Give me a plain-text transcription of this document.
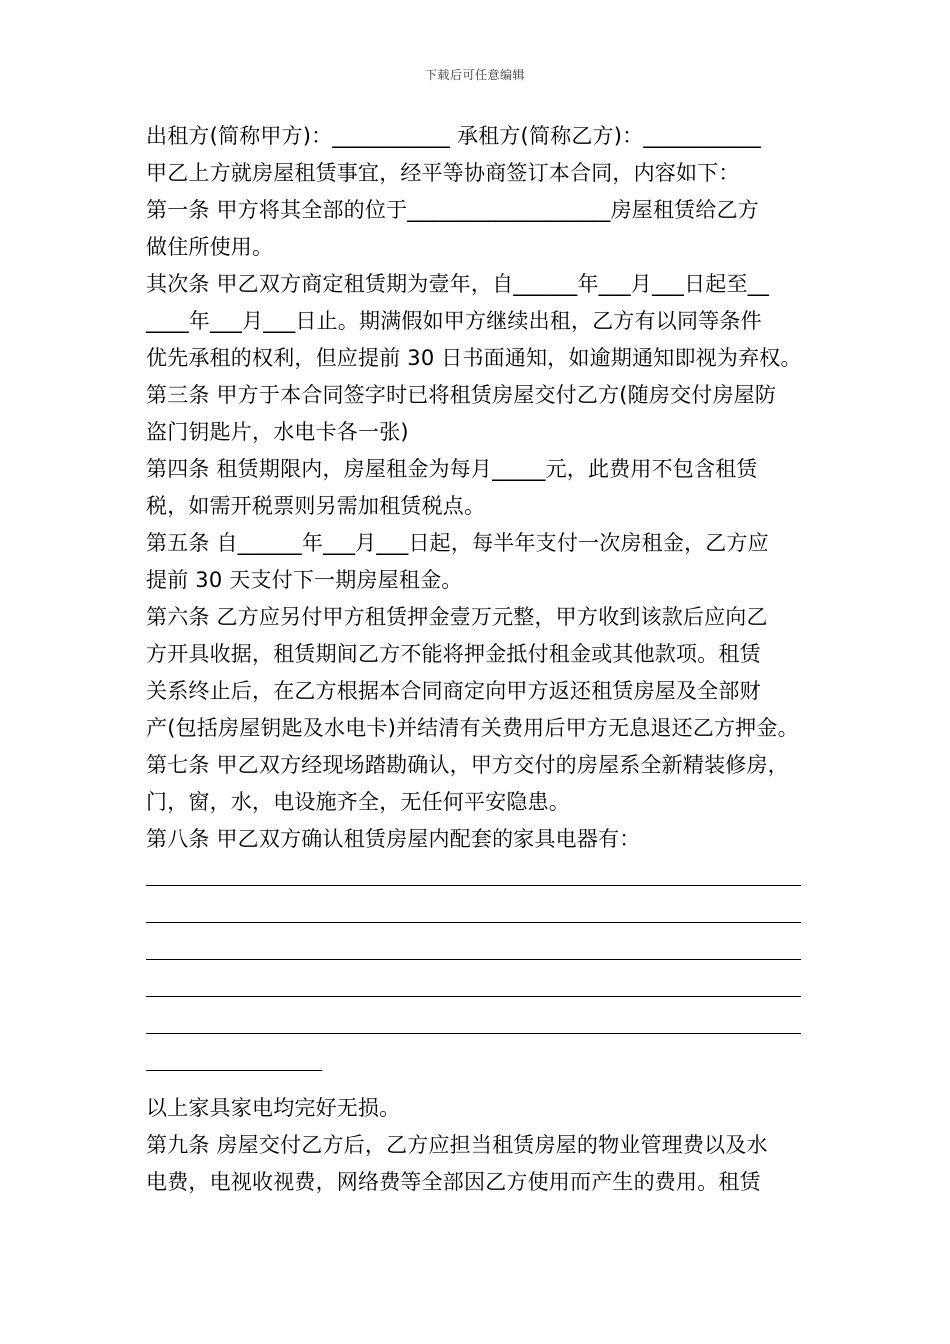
下载后可任意编辑
出租方(简称甲方)：___________ 承租方(简称乙方)：___________
甲乙上方就房屋租赁事宜，经平等协商签订本合同，内容如下：
第一条 甲方将其全部的位于___________________房屋租赁给乙方
做住所使用。
其次条 甲乙双方商定租赁期为壹年，自______年___月___日起至__
____年___月___日止。期满假如甲方继续出租，乙方有以同等条件
优先承租的权利，但应提前 30 日书面通知，如逾期通知即视为弃权。
第三条 甲方于本合同签字时已将租赁房屋交付乙方(随房交付房屋防
盗门钥匙片，水电卡各一张)
第四条 租赁期限内，房屋租金为每月_____元，此费用不包含租赁
税，如需开税票则另需加租赁税点。
第五条 自______年___月___日起，每半年支付一次房租金，乙方应
提前 30 天支付下一期房屋租金。
第六条 乙方应另付甲方租赁押金壹万元整，甲方收到该款后应向乙
方开具收据，租赁期间乙方不能将押金抵付租金或其他款项。租赁
关系终止后，在乙方根据本合同商定向甲方返还租赁房屋及全部财
产(包括房屋钥匙及水电卡)并结清有关费用后甲方无息退还乙方押金。
第七条 甲乙双方经现场踏勘确认，甲方交付的房屋系全新精装修房，
门，窗，水，电设施齐全，无任何平安隐患。
第八条 甲乙双方确认租赁房屋内配套的家具电器有：
以上家具家电均完好无损。
第九条 房屋交付乙方后，乙方应担当租赁房屋的物业管理费以及水
电费，电视收视费，网络费等全部因乙方使用而产生的费用。租赁
